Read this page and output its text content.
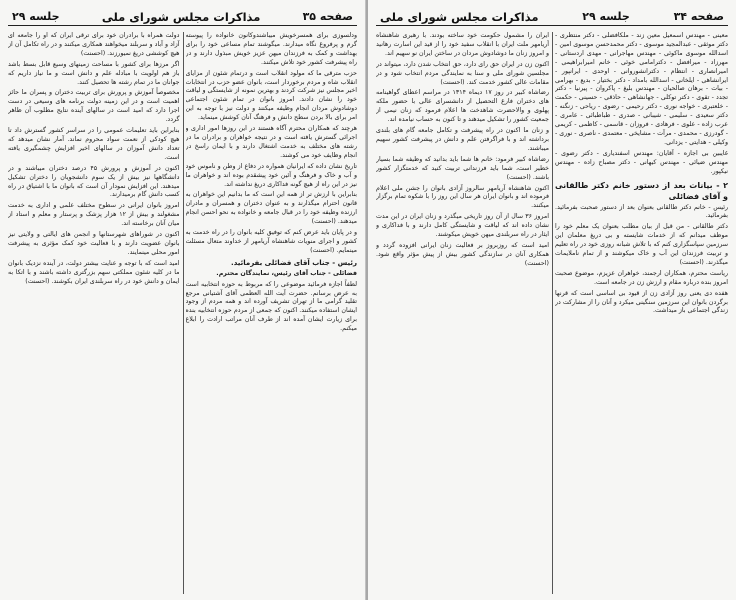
صفحه ۳۵
مذاکرات مجلس شورای ملی
جلسه ۲۹

ودلسوزی برای همسرخویش میباشندوکانون خانواده را پیوسته گرم و پرفروغ نگاه میدارند. میگوشند تمام مساعی خود را برای بهداشت و کمک به فرزندان میهن عزیز خویش مبذول دارند و در راه پیشرفت کشور خود تلاش میکنند.

حزب مترقی ما که مولود انقلاب است و درتمام شئون از مزایای انقلاب شاه و مردم برخوردار است، بانوان عضو حزب در انتخابات اخیر مجلس نیز شرکت کردند و بهترین نمونه از شایستگی و لیاقت خود را نشان دادند. امروز بانوان در تمام شئون اجتماعی دوشادوش مردان انجام وظیفه میکنند و دولت نیز با توجه به این امر برای بالا بردن سطح دانش و فرهنگ آنان کوشش مینماید.

هرچند که همکاران محترم آگاه هستند در این روزها امور اداری و اجرائی گسترش یافته است و در نتیجه خواهران و برادران ما در رشته های مختلف به خدمت اشتغال دارند و با ایمان راسخ در انجام وظایف خود می کوشند.

تاریخ نشان داده که ایرانیان همواره در دفاع از وطن و ناموس خود و آب و خاک و فرهنگ و آئین خود پیشقدم بوده اند و خواهران ما نیز در این راه از هیچ گونه فداکاری دریغ نداشته اند.

بنابراین با ارزش تر از همه این است که ما بدانیم این خواهران به قانون احترام میگذارند و به عنوان دختران و همسران و مادران ارزنده وظیفه خود را در قبال جامعه و خانواده به نحو احسن انجام میدهند. (احسنت)

و در پایان باید عرض کنم که توفیق کلیه بانوان را در راه خدمت به کشور و اجرای منویات شاهنشاه آریامهر از خداوند متعال مسئلت مینمایم. (احسنت)

رئیس - جناب آقای فضائلی بفرمائید.

فضائلی - جناب آقای رئیس، نمایندگان محترم.

لطفاً اجازه فرمائید موضوعی را که مربوط به حوزه انتخابیه است به عرض برسانم. حضرت آیت الله العظمی آقای آشتیانی مرجع تقلید گرامی ما از تهران تشریف آورده اند و همه مردم از وجود ایشان استفاده میکنند. اکنون که جمعی از مردم حوزه انتخابیه بنده برای زیارت ایشان آمده اند از طرف آنان مراتب ارادت را ابلاغ میکنم.

دولت همراه با برادران خود برای ترقی ایران که او را جامعه ای آزاد و آباد و سربلند میخواهند همکاری میکنند و در راه تکامل آن از هیچ کوششی دریغ نمیورزند. (احسنت)

اگر مرزها برای کشور با مساحت زمینهای وسیع قابل بسط باشد باز هم اولویت با مبادله علم و دانش است و ما نیاز داریم که جوانان ما در تمام رشته ها تحصیل کنند.

مخصوصاً آموزش و پرورش برای تربیت دختران و پسران ما حائز اهمیت است و در این زمینه دولت برنامه های وسیعی در دست اجرا دارد که امید است در سالهای آینده نتایج مطلوب آن ظاهر گردد.

بنابراین باید تعلیمات عمومی را در سراسر کشور گسترش داد تا هیچ کودکی از نعمت سواد محروم نماند. آمار نشان میدهد که تعداد دانش آموزان در سالهای اخیر افزایش چشمگیری یافته است.

اکنون در آموزش و پرورش ۴۵ درصد دختران میباشند و در دانشگاهها نیز بیش از یک سوم دانشجویان را دختران تشکیل میدهند. این افزایش نمودار آن است که بانوان ما با اشتیاق در راه کسب دانش گام برمیدارند.

امروز بانوان ایرانی در سطوح مختلف علمی و اداری به خدمت مشغولند و بیش از ۱۲ هزار پزشک و پرستار و معلم و استاد از میان آنان برخاسته اند.

اکنون در شوراهای شهرستانها و انجمن های ایالتی و ولایتی نیز بانوان عضویت دارند و با فعالیت خود کمک مؤثری به پیشرفت امور محلی مینمایند.

امید است که با توجه و عنایت بیشتر دولت، در آینده نزدیک بانوان ما در کلیه شئون مملکتی سهم بزرگتری داشته باشند و با اتکا به ایمان و دانش خود در راه سربلندی ایران بکوشند. (احسنت)

صفحه ۳۴
جلسه ۲۹
مذاکرات مجلس شورای ملی

معینی - مهندس اسمعیل معین زند - ملکافضلی - دکتر منتظری - دکتر موثقی - عبدالمجید موسوی - دکتر محمدحسن موسوی امین - اسدالله موسوی ماکوئی - مهندس مهاجرانی - مهدی اردستانی - مهرزاد - میرافضل - دکترامامی خوئی - خانم امیرابراهیمی - امیرانصاری - انتظام - دکترانشوروانی - اوحدی - ایرانپور - ایرانشاهی - ایلخانی - اسدالله بامداد - دکتر بختیار - بدیع - بهرامی - بیات - برهان صالحیان - مهندس بلیغ - پاکروان - پیرنیا - دکتر تجدد - تقوی - دکتر توکلی - جهانشاهی - حاذقی - حسینی - حکمت - خلعتبری - خواجه نوری - دکتر رحیمی - رضوی - ریاحی - زنگنه - دکتر سعیدی - سلیمی - شیبانی - صدری - طباطبائی - عامری - عرب زاده - علوی - فرهادی - فروزان - قاسمی - کاظمی - کریمی - گودرزی - محمدی - مرآت - مشایخی - معتمدی - ناصری - نوری - وکیلی - هدایتی - یزدانی.

غایبین بی اجازه - آقایان: مهندس اسفندیاری - دکتر رضوی - مهندس ضیائی - مهندس کیهانی - دکتر مصباح زاده - مهندس نیکپور.

۲ - بیانات بعد از دستور خانم دکتر طالقانی و آقای فضائلی

رئیس - خانم دکتر طالقانی بعنوان بعد از دستور صحبت بفرمائید. بفرمائید.

دکتر طالقانی - من قبل از بیان مطلب بعنوان یک معلم خود را موظف میدانم که از خدمات شایسته و بی دریغ معلمان این سرزمین سپاسگزاری کنم که با تلاش شبانه روزی خود در راه تعلیم و تربیت فرزندان این آب و خاک میکوشند و از تمام ناملایمات میگذرند. (احسنت)

ریاست محترم، همکاران ارجمند، خواهران عزیزم، موضوع صحبت امروز بنده درباره مقام و ارزش زن در جامعه است.

هفده دی یعنی روز آزادی زن از قیود بی اساسی است که قرنها برگردن بانوان این سرزمین سنگینی میکرد و آنان را از مشارکت در زندگی اجتماعی باز میداشت.

ایران را مشمول حکومت خود ساخته بودند. با رهبری شاهنشاه آریامهر ملت ایران با انقلاب سفید خود را از قید این اسارت رهانید و امروز زنان ما دوشادوش مردان در ساختن ایران نو سهیم اند.

اکنون زن در ایران حق رای دارد، حق انتخاب شدن دارد، میتواند در مجلسین شورای ملی و سنا به نمایندگی مردم انتخاب شود و در مقامات عالی کشور خدمت کند. (احسنت)

رضاشاه کبیر در روز ۱۷ دیماه ۱۳۱۴ در مراسم اعطای گواهینامه های دختران فارغ التحصیل از دانشسرای عالی با حضور ملکه پهلوی و والاحضرت شاهدخت ها اعلام فرمود که زنان نیمی از جمعیت کشور را تشکیل میدهند و تا کنون به حساب نیامده اند.

و زنان ما اکنون در راه پیشرفت و تکامل جامعه گام های بلندی برداشته اند و با فراگرفتن علم و دانش در پیشرفت کشور سهیم میباشند.

رضاشاه کبیر فرمود: خانم ها شما باید بدانید که وظیفه شما بسیار خطیر است، شما باید فرزندانی تربیت کنید که خدمتگزار کشور باشند. (احسنت)

اکنون شاهنشاه آریامهر سالروز آزادی بانوان را جشن ملی اعلام فرموده اند و بانوان ایران هر سال این روز را با شکوه تمام برگزار میکنند.

امروز ۳۶ سال از آن روز تاریخی میگذرد و زنان ایران در این مدت نشان داده اند که لیاقت و شایستگی کامل دارند و با فداکاری و ایثار در راه سربلندی میهن خویش میکوشند.

امید است که روزبروز بر فعالیت زنان ایرانی افزوده گردد و همکاری آنان در سازندگی کشور بیش از پیش مؤثر واقع شود. (احسنت)
